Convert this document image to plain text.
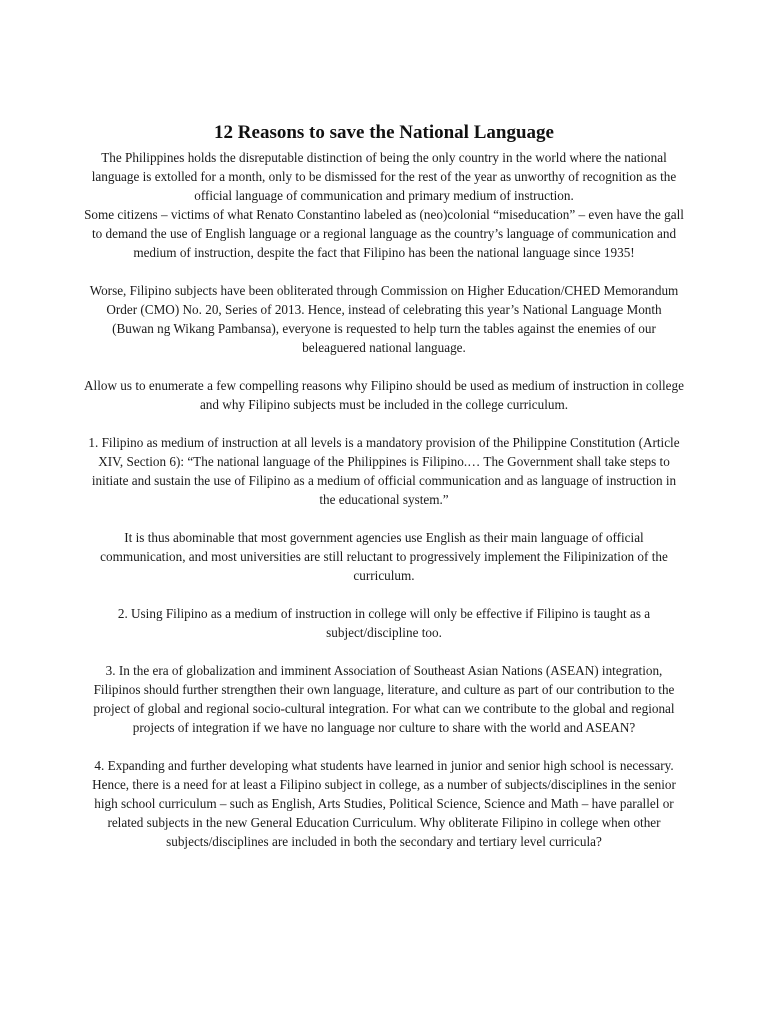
12 Reasons to save the National Language

The Philippines holds the disreputable distinction of being the only country in the world where the national language is extolled for a month, only to be dismissed for the rest of the year as unworthy of recognition as the official language of communication and primary medium of instruction.

Some citizens – victims of what Renato Constantino labeled as (neo)colonial “miseducation” – even have the gall to demand the use of English language or a regional language as the country’s language of communication and medium of instruction, despite the fact that Filipino has been the national language since 1935!

Worse, Filipino subjects have been obliterated through Commission on Higher Education/CHED Memorandum Order (CMO) No. 20, Series of 2013. Hence, instead of celebrating this year’s National Language Month (Buwan ng Wikang Pambansa), everyone is requested to help turn the tables against the enemies of our beleaguered national language.

Allow us to enumerate a few compelling reasons why Filipino should be used as medium of instruction in college and why Filipino subjects must be included in the college curriculum.

1. Filipino as medium of instruction at all levels is a mandatory provision of the Philippine Constitution (Article XIV, Section 6): “The national language of the Philippines is Filipino.… The Government shall take steps to initiate and sustain the use of Filipino as a medium of official communication and as language of instruction in the educational system.”

It is thus abominable that most government agencies use English as their main language of official communication, and most universities are still reluctant to progressively implement the Filipinization of the curriculum.

2. Using Filipino as a medium of instruction in college will only be effective if Filipino is taught as a subject/discipline too.

3. In the era of globalization and imminent Association of Southeast Asian Nations (ASEAN) integration, Filipinos should further strengthen their own language, literature, and culture as part of our contribution to the project of global and regional socio-cultural integration. For what can we contribute to the global and regional projects of integration if we have no language nor culture to share with the world and ASEAN?

4. Expanding and further developing what students have learned in junior and senior high school is necessary. Hence, there is a need for at least a Filipino subject in college, as a number of subjects/disciplines in the senior high school curriculum – such as English, Arts Studies, Political Science, Science and Math – have parallel or related subjects in the new General Education Curriculum. Why obliterate Filipino in college when other subjects/disciplines are included in both the secondary and tertiary level curricula?
